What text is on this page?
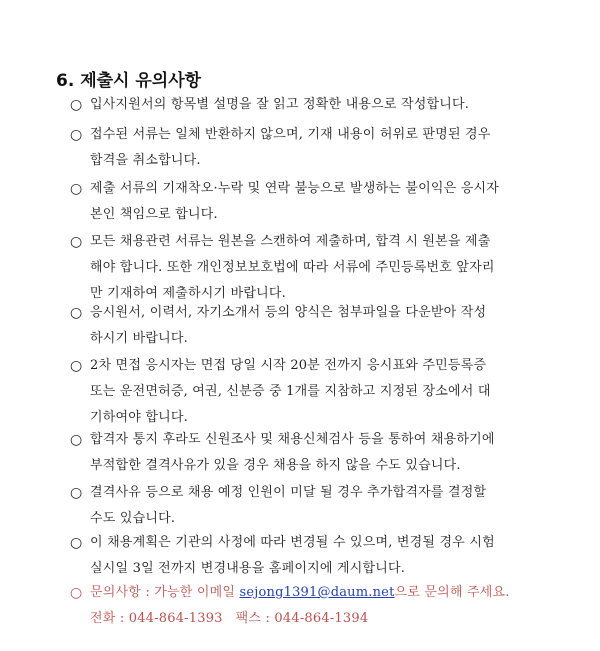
6. 제출시 유의사항
○ 입사지원서의 항목별 설명을 잘 읽고 정확한 내용으로 작성합니다.
○ 접수된 서류는 일체 반환하지 않으며, 기재 내용이 허위로 판명된 경우
합격을 취소합니다.
○ 제출 서류의 기재착오·누락 및 연락 불능으로 발생하는 불이익은 응시자
본인 책임으로 합니다.
○ 모든 채용관련 서류는 원본을 스캔하여 제출하며, 합격 시 원본을 제출
해야 합니다. 또한 개인정보보호법에 따라 서류에 주민등록번호 앞자리
만 기재하여 제출하시기 바랍니다.
○ 응시원서, 이력서, 자기소개서 등의 양식은 첨부파일을 다운받아 작성
하시기 바랍니다.
○ 2차 면접 응시자는 면접 당일 시작 20분 전까지 응시표와 주민등록증
또는 운전면허증, 여권, 신분증 중 1개를 지참하고 지정된 장소에서 대
기하여야 합니다.
○ 합격자 통지 후라도 신원조사 및 채용신체검사 등을 통하여 채용하기에
부적합한 결격사유가 있을 경우 채용을 하지 않을 수도 있습니다.
○ 결격사유 등으로 채용 예정 인원이 미달 될 경우 추가합격자를 결정할
수도 있습니다.
○ 이 채용계획은 기관의 사정에 따라 변경될 수 있으며, 변경될 경우 시험
실시일 3일 전까지 변경내용을 홈페이지에 게시합니다.
○ 문의사항 : 가능한 이메일 sejong1391@daum.net으로 문의해 주세요.
전화 : 044-864-1393   팩스 : 044-864-1394
